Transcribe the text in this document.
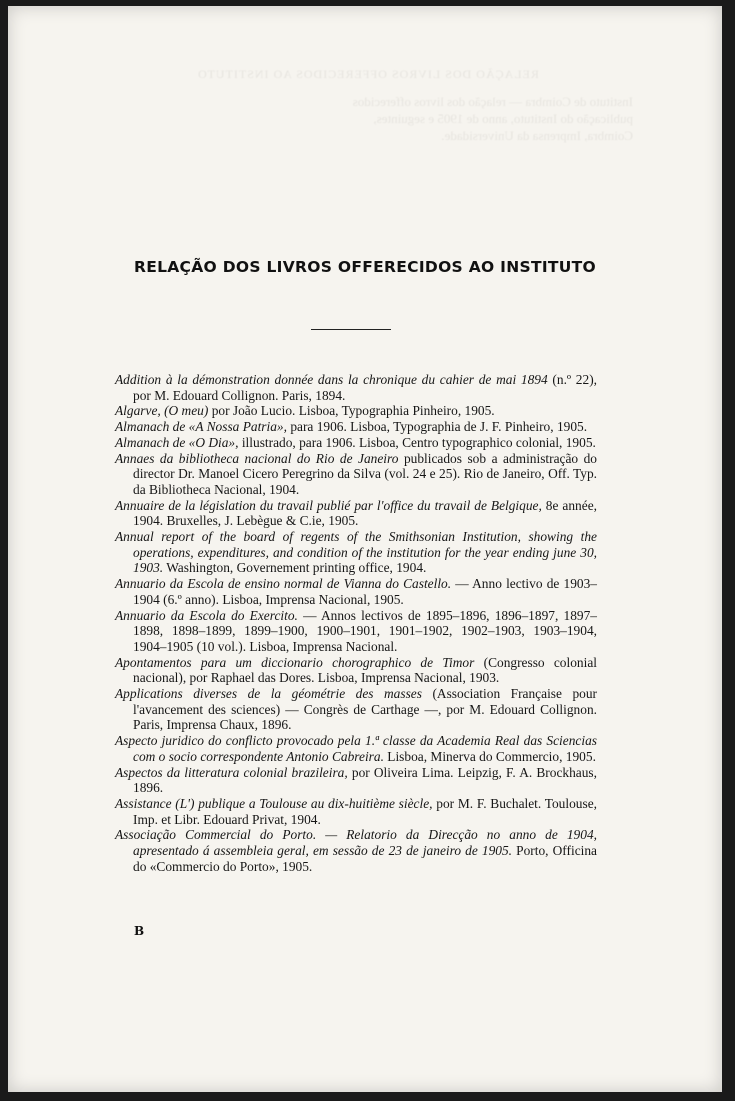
RELAÇÃO DOS LIVROS OFFERECIDOS AO INSTITUTO
Instituto de Coimbra — relação dos livros offerecidos
publicação do Instituto, anno de 1905 e seguintes,
Coimbra, Imprensa da Universidade.
RELAÇÃO DOS LIVROS OFFERECIDOS AO INSTITUTO

Addition à la démonstration donnée dans la chronique du cahier de mai 1894 (n.º 22), por M. Edouard Collignon. Paris, 1894.

Algarve, (O meu) por João Lucio. Lisboa, Typographia Pinheiro, 1905.

Almanach de «A Nossa Patria», para 1906. Lisboa, Typographia de J. F. Pinheiro, 1905.

Almanach de «O Dia», illustrado, para 1906. Lisboa, Centro typographico colonial, 1905.

Annaes da bibliotheca nacional do Rio de Janeiro publicados sob a administração do director Dr. Manoel Cicero Peregrino da Silva (vol. 24 e 25). Rio de Janeiro, Off. Typ. da Bibliotheca Nacional, 1904.

Annuaire de la législation du travail publié par l'office du travail de Belgique, 8e année, 1904. Bruxelles, J. Lebègue & C.ie, 1905.

Annual report of the board of regents of the Smithsonian Institution, showing the operations, expenditures, and condition of the institution for the year ending june 30, 1903. Washington, Governement printing office, 1904.

Annuario da Escola de ensino normal de Vianna do Castello. — Anno lectivo de 1903–1904 (6.º anno). Lisboa, Imprensa Nacional, 1905.

Annuario da Escola do Exercito. — Annos lectivos de 1895–1896, 1896–1897, 1897–1898, 1898–1899, 1899–1900, 1900–1901, 1901–1902, 1902–1903, 1903–1904, 1904–1905 (10 vol.). Lisboa, Imprensa Nacional.

Apontamentos para um diccionario chorographico de Timor (Congresso colonial nacional), por Raphael das Dores. Lisboa, Imprensa Nacional, 1903.

Applications diverses de la géométrie des masses (Association Française pour l'avancement des sciences) — Congrès de Carthage —, por M. Edouard Collignon. Paris, Imprensa Chaux, 1896.

Aspecto juridico do conflicto provocado pela 1.ª classe da Academia Real das Sciencias com o socio correspondente Antonio Cabreira. Lisboa, Minerva do Commercio, 1905.

Aspectos da litteratura colonial brazileira, por Oliveira Lima. Leipzig, F. A. Brockhaus, 1896.

Assistance (L') publique a Toulouse au dix-huitième siècle, por M. F. Buchalet. Toulouse, Imp. et Libr. Edouard Privat, 1904.

Associação Commercial do Porto. — Relatorio da Direcção no anno de 1904, apresentado á assembleia geral, em sessão de 23 de janeiro de 1905. Porto, Officina do «Commercio do Porto», 1905.

B
